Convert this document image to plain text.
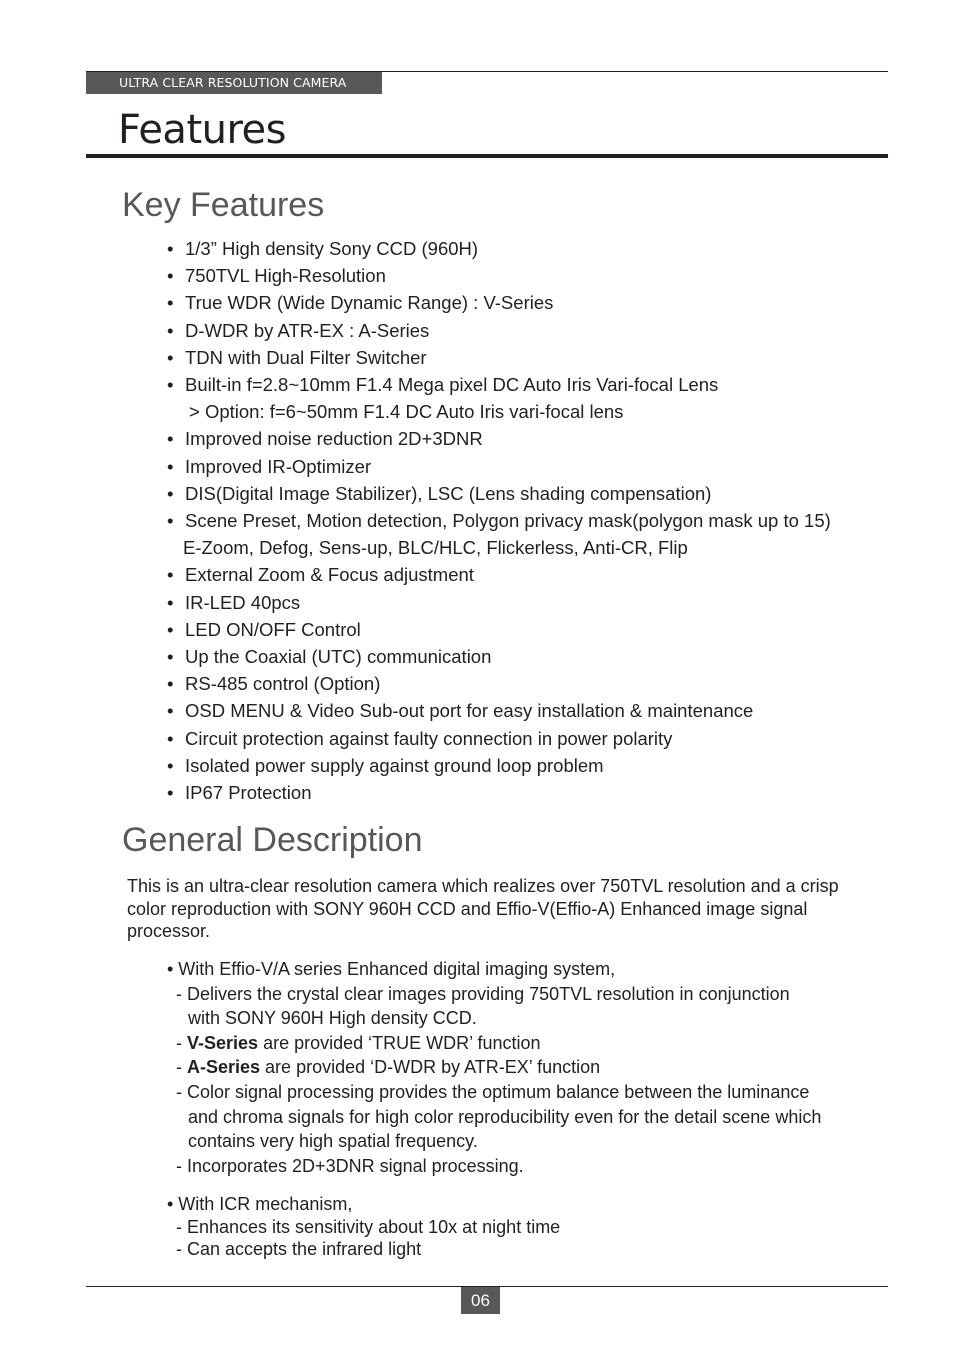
ULTRA CLEAR RESOLUTION CAMERA
Features
Key Features
• 1/3” High density Sony CCD (960H)
• 750TVL High-Resolution
• True WDR (Wide Dynamic Range) : V-Series
• D-WDR by ATR-EX : A-Series
• TDN with Dual Filter Switcher
• Built-in f=2.8~10mm F1.4 Mega pixel DC Auto Iris Vari-focal Lens
> Option: f=6~50mm F1.4 DC Auto Iris vari-focal lens
• Improved noise reduction 2D+3DNR
• Improved IR-Optimizer
• DIS(Digital Image Stabilizer), LSC (Lens shading compensation)
• Scene Preset, Motion detection, Polygon privacy mask(polygon mask up to 15)
E-Zoom, Defog, Sens-up, BLC/HLC, Flickerless, Anti-CR, Flip
• External Zoom & Focus adjustment
• IR-LED 40pcs
• LED ON/OFF Control
• Up the Coaxial (UTC) communication
• RS-485 control (Option)
• OSD MENU & Video Sub-out port for easy installation & maintenance
• Circuit protection against faulty connection in power polarity
• Isolated power supply against ground loop problem
• IP67 Protection
General Description

This is an ultra-clear resolution camera which realizes over 750TVL resolution and a crisp color reproduction with SONY 960H CCD and Effio-V(Effio-A) Enhanced image signal processor.

• With Effio-V/A series Enhanced digital imaging system,
- Delivers the crystal clear images providing 750TVL resolution in conjunction
with SONY 960H High density CCD.
- V-Series are provided ‘TRUE WDR’ function
- A-Series are provided ‘D-WDR by ATR-EX’ function
- Color signal processing provides the optimum balance between the luminance
and chroma signals for high color reproducibility even for the detail scene which
contains very high spatial frequency.
- Incorporates 2D+3DNR signal processing.
• With ICR mechanism,
- Enhances its sensitivity about 10x at night time
- Can accepts the infrared light
06
